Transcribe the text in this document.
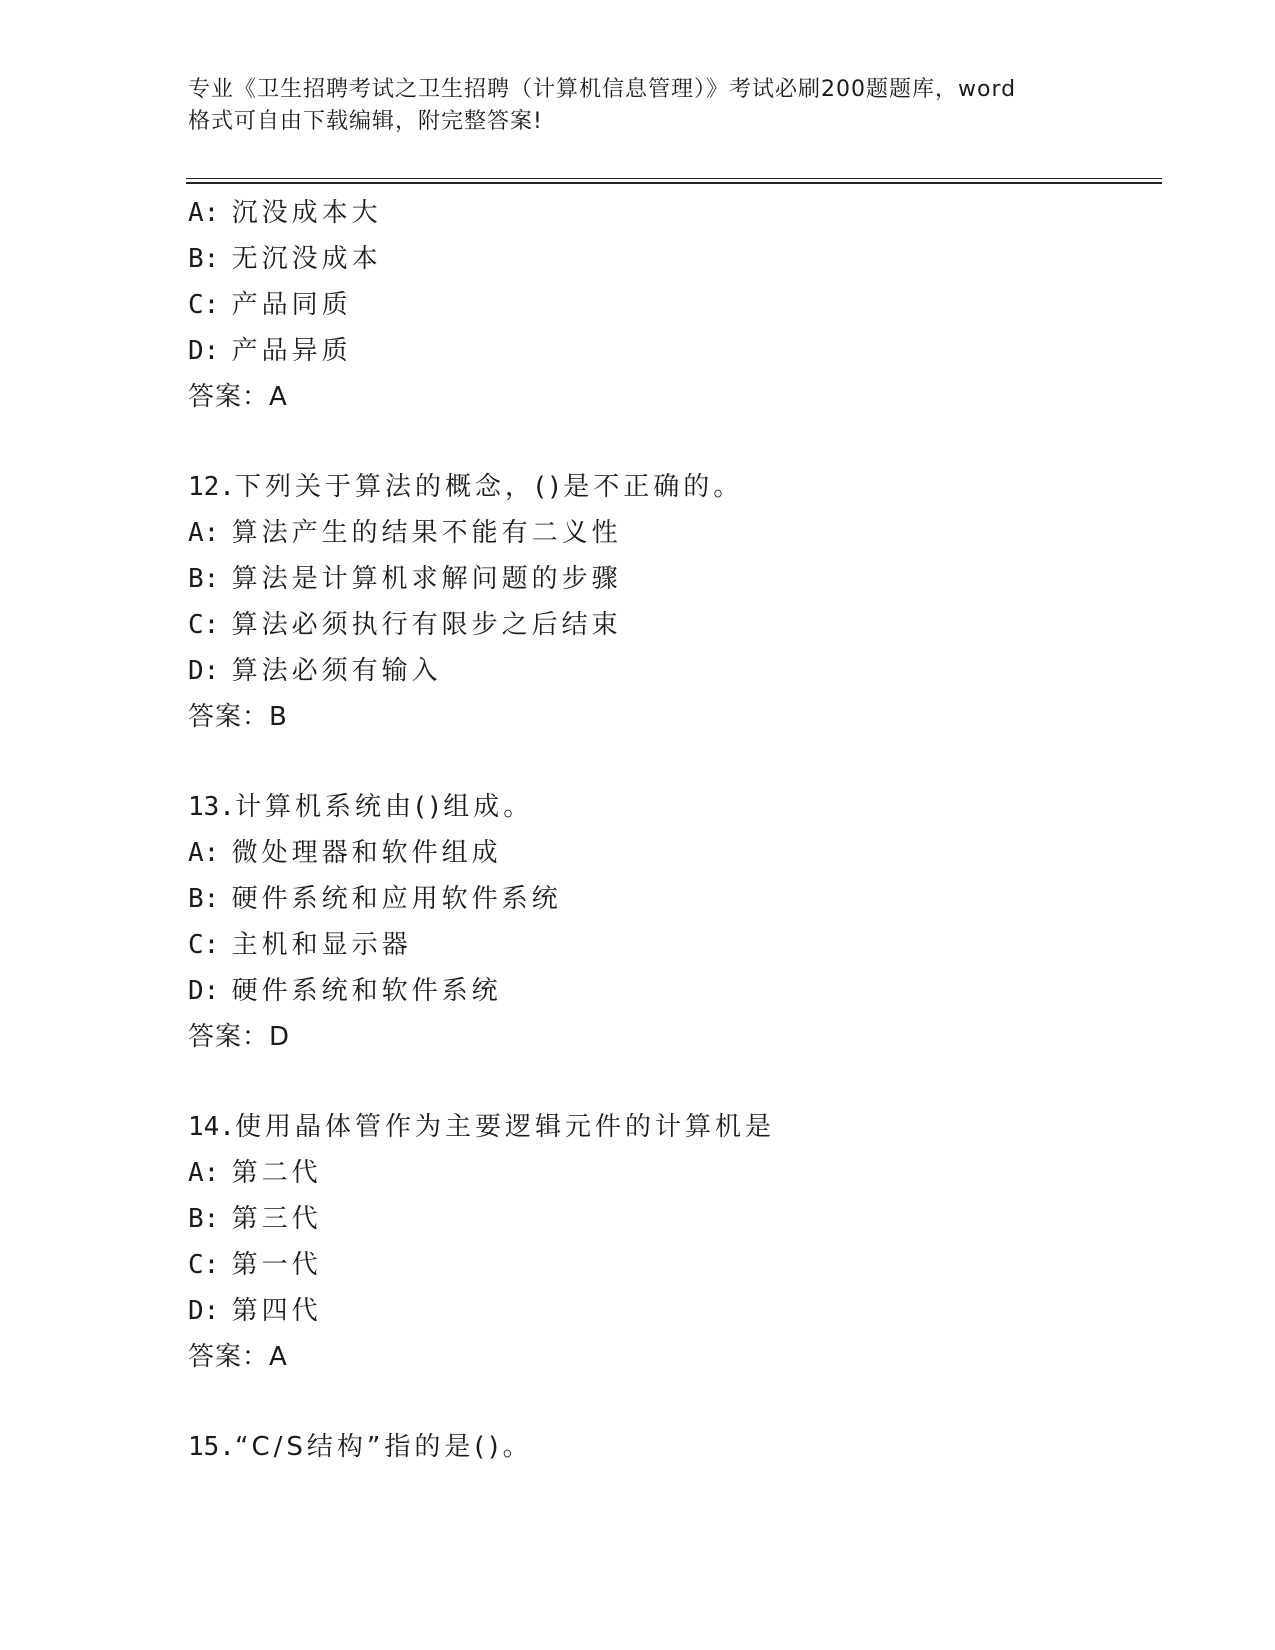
专业《卫生招聘考试之卫生招聘（计算机信息管理）》考试必刷200题题库，word
格式可自由下载编辑，附完整答案!
A: 沉没成本大
B: 无沉没成本
C: 产品同质
D: 产品异质
答案：A
12.下列关于算法的概念，()是不正确的。
A: 算法产生的结果不能有二义性
B: 算法是计算机求解问题的步骤
C: 算法必须执行有限步之后结束
D: 算法必须有输入
答案：B
13.计算机系统由()组成。
A: 微处理器和软件组成
B: 硬件系统和应用软件系统
C: 主机和显示器
D: 硬件系统和软件系统
答案：D
14.使用晶体管作为主要逻辑元件的计算机是
A: 第二代
B: 第三代
C: 第一代
D: 第四代
答案：A
15.“C/S结构”指的是()。
